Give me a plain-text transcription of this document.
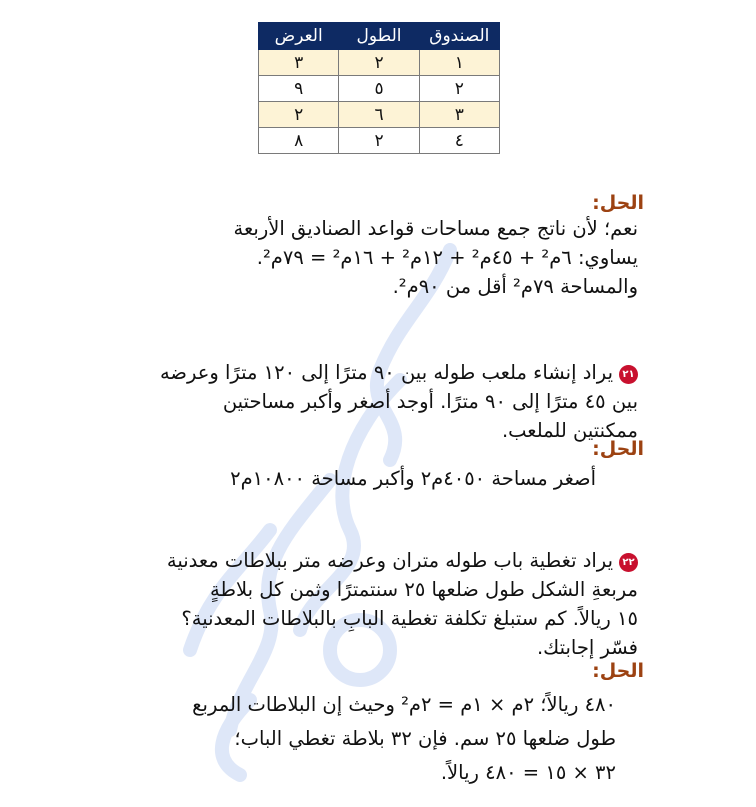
الصندوق	الطول	العرض
١	٢	٣
٢	٥	٩
٣	٦	٢
٤	٢	٨
الحل:
نعم؛ لأن ناتج جمع مساحات قواعد الصناديق الأربعة
يساوي: ٦م² + ٤٥م² + ١٢م² + ١٦م² = ٧٩م².
والمساحة ٧٩م² أقل من ٩٠م².
٢١يراد إنشاء ملعب طوله بين ٩٠ مترًا إلى ١٢٠ مترًا وعرضه
بين ٤٥ مترًا إلى ٩٠ مترًا. أوجد أصغر وأكبر مساحتين
ممكنتين للملعب.
الحل:
أصغر مساحة ٤٠٥٠م٢ وأكبر مساحة ١٠٨٠٠م٢
٢٢يراد تغطية باب طوله متران وعرضه متر ببلاطات معدنية
مربعةِ الشكل طول ضلعها ٢٥ سنتمترًا وثمن كل بلاطةٍ
١٥ ريالاً. كم ستبلغ تكلفة تغطية البابِ بالبلاطات المعدنية؟
فسّر إجابتك.
الحل:
٤٨٠ ريالاً؛ ٢م × ١م = ٢م² وحيث إن البلاطات المربع
طول ضلعها ٢٥ سم. فإن ٣٢ بلاطة تغطي الباب؛
٣٢ × ١٥ = ٤٨٠ ريالاً.
